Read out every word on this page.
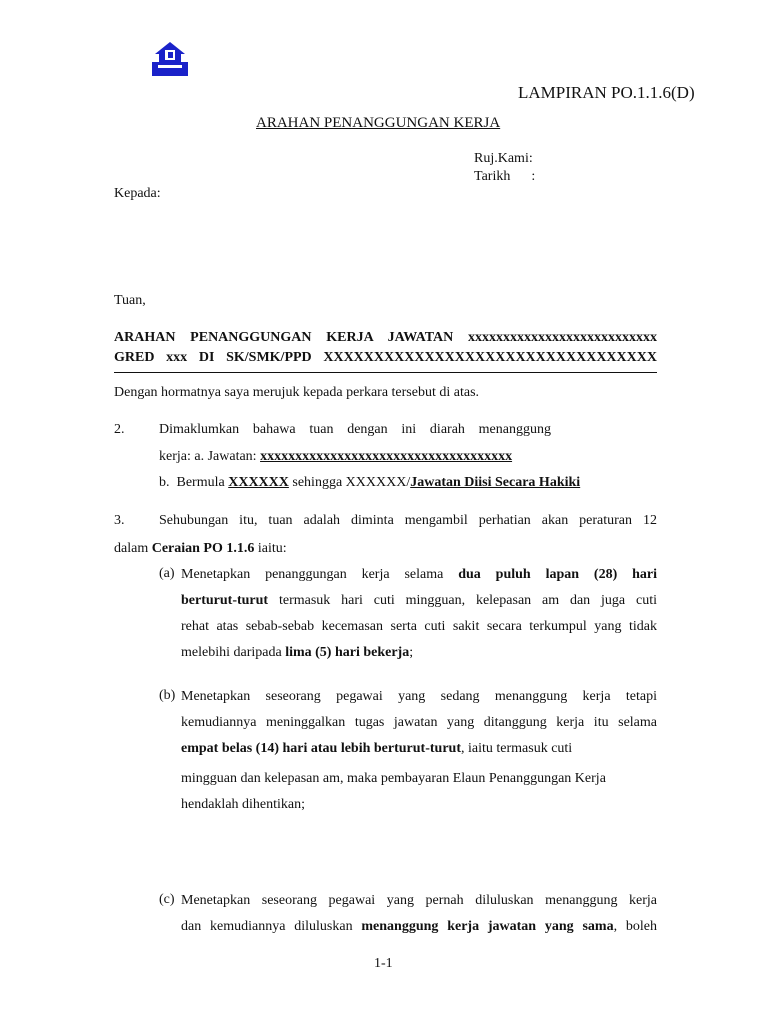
LAMPIRAN PO.1.1.6(D)
ARAHAN PENANGGUNGAN KERJA
Ruj.Kami:
Tarikh      :
Kepada:
Tuan,
ARAHAN PENANGGUNGAN KERJA JAWATAN xxxxxxxxxxxxxxxxxxxxxxxxxxx
GRED xxx DI SK/SMK/PPD XXXXXXXXXXXXXXXXXXXXXXXXXXXXXXXXX
Dengan hormatnya saya merujuk kepada perkara tersebut di atas.
2. Dimaklumkan bahawa tuan dengan ini diarah menanggung
kerja: a. Jawatan: xxxxxxxxxxxxxxxxxxxxxxxxxxxxxxxxxxxx
b.  Bermula XXXXXX sehingga XXXXXX/Jawatan Diisi Secara Hakiki
3. Sehubungan itu, tuan adalah diminta mengambil perhatian akan peraturan 12
dalam Ceraian PO 1.1.6 iaitu:
(a) Menetapkan penanggungan kerja selama dua puluh lapan (28) hari
berturut-turut termasuk hari cuti mingguan, kelepasan am dan juga cuti
rehat atas sebab-sebab kecemasan serta cuti sakit secara terkumpul yang tidak
melebihi daripada lima (5) hari bekerja;
(b) Menetapkan seseorang pegawai yang sedang menanggung kerja tetapi
kemudiannya meninggalkan tugas jawatan yang ditanggung kerja itu selama
empat belas (14) hari atau lebih berturut-turut, iaitu termasuk cuti
mingguan dan kelepasan am, maka pembayaran Elaun Penanggungan Kerja
hendaklah dihentikan;
(c) Menetapkan seseorang pegawai yang pernah diluluskan menanggung kerja
dan kemudiannya diluluskan menanggung kerja jawatan yang sama, boleh
1-1
